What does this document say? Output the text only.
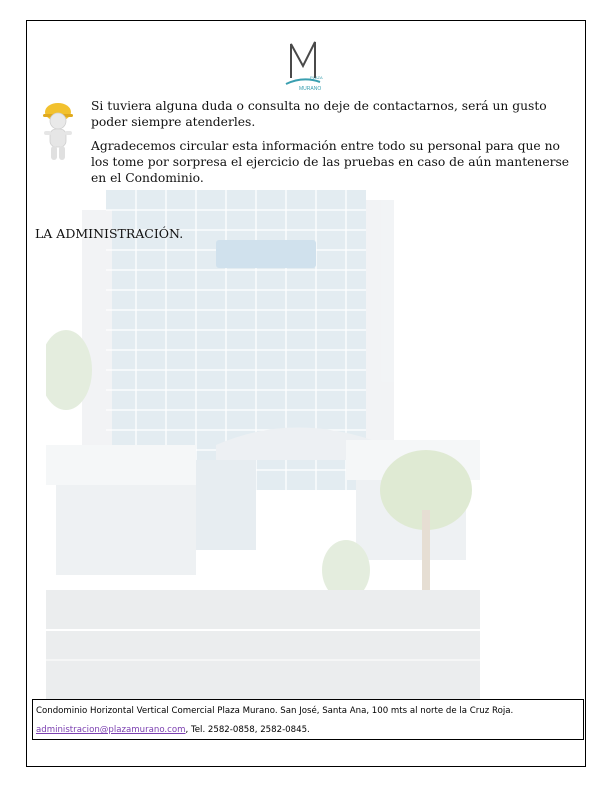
PLAZA
MURANO

Si tuviera alguna duda o consulta no deje de contactarnos, será un gusto poder siempre atenderles.

Agradecemos circular esta información entre todo su personal para que no los tome por sorpresa el ejercicio de las pruebas en caso de aún mantenerse en el Condominio.

LA ADMINISTRACIÓN.

Condominio Horizontal Vertical Comercial Plaza Murano. San José, Santa Ana, 100 mts al norte de la Cruz Roja.
administracion@plazamurano.com, Tel. 2582-0858, 2582-0845.
